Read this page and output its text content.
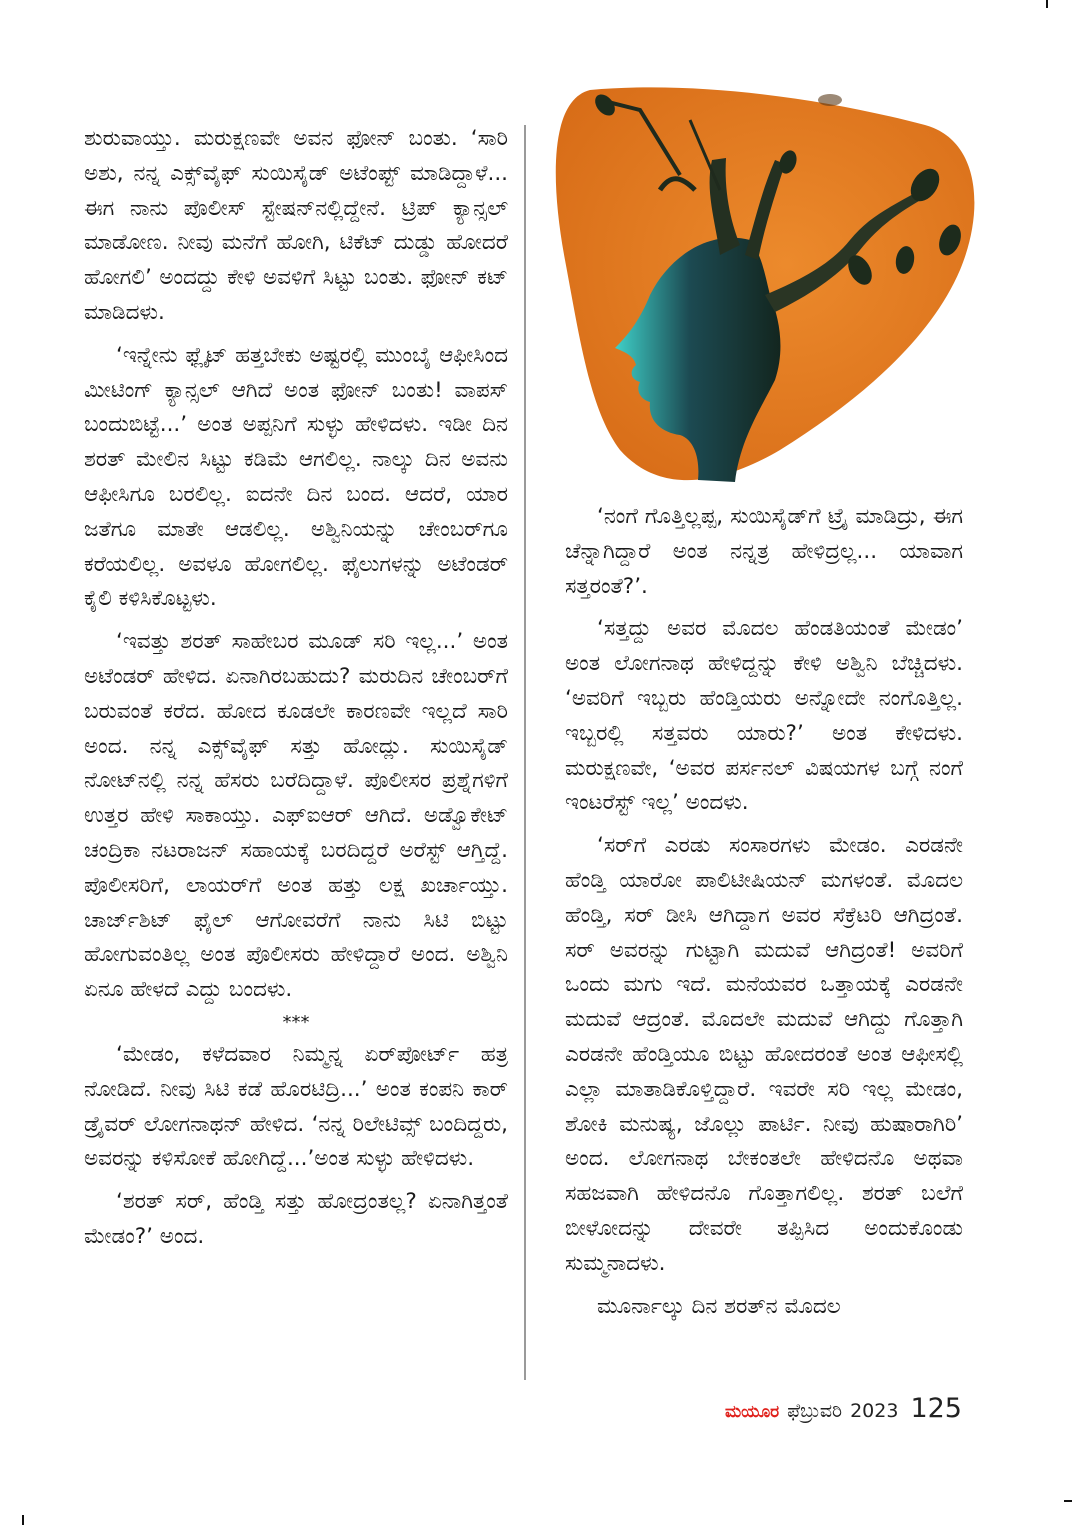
ಶುರುವಾಯ್ತು. ಮರುಕ್ಷಣವೇ ಅವನ ಫೋನ್ ಬಂತು. ‘ಸಾರಿ ಅಶು, ನನ್ನ ಎಕ್ಸ್‌ವೈಫ್ ಸುಯಿಸೈಡ್ ಅಟೆಂಪ್ಟ್ ಮಾಡಿದ್ದಾಳೆ... ಈಗ ನಾನು ಪೊಲೀಸ್ ಸ್ಟೇಷನ್‌ನಲ್ಲಿದ್ದೇನೆ. ಟ್ರಿಪ್ ಕ್ಯಾನ್ಸಲ್ ಮಾಡೋಣ. ನೀವು ಮನೆಗೆ ಹೋಗಿ, ಟಿಕೆಟ್ ದುಡ್ಡು ಹೋದರೆ ಹೋಗಲಿ’ ಅಂದದ್ದು ಕೇಳಿ ಅವಳಿಗೆ ಸಿಟ್ಟು ಬಂತು. ಫೋನ್ ಕಟ್ ಮಾಡಿದಳು.

‘ಇನ್ನೇನು ಫ್ಲೈಟ್ ಹತ್ತಬೇಕು ಅಷ್ಟರಲ್ಲಿ ಮುಂಬೈ ಆಫೀಸಿಂದ ಮೀಟಿಂಗ್ ಕ್ಯಾನ್ಸಲ್ ಆಗಿದೆ ಅಂತ ಫೋನ್ ಬಂತು! ವಾಪಸ್ ಬಂದುಬಿಟ್ಟೆ...’ ಅಂತ ಅಪ್ಪನಿಗೆ ಸುಳ್ಳು ಹೇಳಿದಳು. ಇಡೀ ದಿನ ಶರತ್ ಮೇಲಿನ ಸಿಟ್ಟು ಕಡಿಮೆ ಆಗಲಿಲ್ಲ. ನಾಲ್ಕು ದಿನ ಅವನು ಆಫೀಸಿಗೂ ಬರಲಿಲ್ಲ. ಐದನೇ ದಿನ ಬಂದ. ಆದರೆ, ಯಾರ ಜತೆಗೂ ಮಾತೇ ಆಡಲಿಲ್ಲ. ಅಶ್ವಿನಿಯನ್ನು ಚೇಂಬರ್‌ಗೂ ಕರೆಯಲಿಲ್ಲ. ಅವಳೂ ಹೋಗಲಿಲ್ಲ. ಫೈಲುಗಳನ್ನು ಅಟೆಂಡರ್ ಕೈಲಿ ಕಳಿಸಿಕೊಟ್ಟಳು.

‘ಇವತ್ತು ಶರತ್ ಸಾಹೇಬರ ಮೂಡ್ ಸರಿ ಇಲ್ಲ...’ ಅಂತ ಅಟೆಂಡರ್ ಹೇಳಿದ. ಏನಾಗಿರಬಹುದು? ಮರುದಿನ ಚೇಂಬರ್‌ಗೆ ಬರುವಂತೆ ಕರೆದ. ಹೋದ ಕೂಡಲೇ ಕಾರಣವೇ ಇಲ್ಲದೆ ಸಾರಿ ಅಂದ. ನನ್ನ ಎಕ್ಸ್‌ವೈಫ್ ಸತ್ತು ಹೋದ್ಲು. ಸುಯಿಸೈಡ್ ನೋಟ್‌ನಲ್ಲಿ ನನ್ನ ಹೆಸರು ಬರೆದಿದ್ದಾಳೆ. ಪೊಲೀಸರ ಪ್ರಶ್ನೆಗಳಿಗೆ ಉತ್ತರ ಹೇಳಿ ಸಾಕಾಯ್ತು. ಎಫ್‌ಐಆರ್ ಆಗಿದೆ. ಅಡ್ವೊಕೇಟ್ ಚಂದ್ರಿಕಾ ನಟರಾಜನ್ ಸಹಾಯಕ್ಕೆ ಬರದಿದ್ದರೆ ಅರೆಸ್ಟ್ ಆಗ್ತಿದ್ದೆ. ಪೊಲೀಸರಿಗೆ, ಲಾಯರ್‌ಗೆ ಅಂತ ಹತ್ತು ಲಕ್ಷ ಖರ್ಚಾಯ್ತು. ಚಾರ್ಜ್‌ಶಿಟ್ ಫೈಲ್ ಆಗೋವರೆಗೆ ನಾನು ಸಿಟಿ ಬಿಟ್ಟು ಹೋಗುವಂತಿಲ್ಲ ಅಂತ ಪೊಲೀಸರು ಹೇಳಿದ್ದಾರೆ ಅಂದ. ಅಶ್ವಿನಿ ಏನೂ ಹೇಳದೆ ಎದ್ದು ಬಂದಳು.

***

‘ಮೇಡಂ, ಕಳೆದವಾರ ನಿಮ್ಮನ್ನ ಏರ್‌ಪೋರ್ಟ್ ಹತ್ರ ನೋಡಿದೆ. ನೀವು ಸಿಟಿ ಕಡೆ ಹೊರಟಿದ್ರಿ...’ ಅಂತ ಕಂಪನಿ ಕಾರ್ ಡ್ರೈವರ್ ಲೋಗನಾಥನ್ ಹೇಳಿದ. ‘ನನ್ನ ರಿಲೇಟಿವ್ಸ್ ಬಂದಿದ್ದರು, ಅವರನ್ನು ಕಳಿಸೋಕೆ ಹೋಗಿದ್ದೆ...’ಅಂತ ಸುಳ್ಳು ಹೇಳಿದಳು.

‘ಶರತ್ ಸರ್, ಹೆಂಡ್ತಿ ಸತ್ತು ಹೋದ್ರಂತಲ್ಲ? ಏನಾಗಿತ್ತಂತೆ ಮೇಡಂ?’ ಅಂದ.

‘ನಂಗೆ ಗೊತ್ತಿಲ್ಲಪ್ಪ, ಸುಯಿಸೈಡ್‌ಗೆ ಟ್ರೈ ಮಾಡಿದ್ರು, ಈಗ ಚೆನ್ನಾಗಿದ್ದಾರೆ ಅಂತ ನನ್ನತ್ರ ಹೇಳಿದ್ರಲ್ಲ... ಯಾವಾಗ ಸತ್ತರಂತೆ?’.

‘ಸತ್ತದ್ದು ಅವರ ಮೊದಲ ಹೆಂಡತಿಯಂತೆ ಮೇಡಂ’ ಅಂತ ಲೋಗನಾಥ ಹೇಳಿದ್ದನ್ನು ಕೇಳಿ ಅಶ್ವಿನಿ ಬೆಚ್ಚಿದಳು. ‘ಅವರಿಗೆ ಇಬ್ಬರು ಹೆಂಡ್ತಿಯರು ಅನ್ನೋದೇ ನಂಗೊತ್ತಿಲ್ಲ. ಇಬ್ಬರಲ್ಲಿ ಸತ್ತವರು ಯಾರು?’ ಅಂತ ಕೇಳಿದಳು. ಮರುಕ್ಷಣವೇ, ‘ಅವರ ಪರ್ಸನಲ್ ವಿಷಯಗಳ ಬಗ್ಗೆ ನಂಗೆ ಇಂಟರೆಸ್ಟ್ ಇಲ್ಲ’ ಅಂದಳು.

‘ಸರ್‌ಗೆ ಎರಡು ಸಂಸಾರಗಳು ಮೇಡಂ. ಎರಡನೇ ಹೆಂಡ್ತಿ ಯಾರೋ ಪಾಲಿಟೀಷಿಯನ್ ಮಗಳಂತೆ. ಮೊದಲ ಹೆಂಡ್ತಿ, ಸರ್ ಡೀಸಿ ಆಗಿದ್ದಾಗ ಅವರ ಸೆಕ್ರೆಟರಿ ಆಗಿದ್ರಂತೆ. ಸರ್ ಅವರನ್ನು ಗುಟ್ಟಾಗಿ ಮದುವೆ ಆಗಿದ್ರಂತೆ! ಅವರಿಗೆ ಒಂದು ಮಗು ಇದೆ. ಮನೆಯವರ ಒತ್ತಾಯಕ್ಕೆ ಎರಡನೇ ಮದುವೆ ಆದ್ರಂತೆ. ಮೊದಲೇ ಮದುವೆ ಆಗಿದ್ದು ಗೊತ್ತಾಗಿ ಎರಡನೇ ಹೆಂಡ್ತಿಯೂ ಬಿಟ್ಟು ಹೋದರಂತೆ ಅಂತ ಆಫೀಸಲ್ಲಿ ಎಲ್ಲಾ ಮಾತಾಡಿಕೊಳ್ತಿದ್ದಾರೆ. ಇವರೇ ಸರಿ ಇಲ್ಲ ಮೇಡಂ, ಶೋಕಿ ಮನುಷ್ಯ, ಜೊಲ್ಲು ಪಾರ್ಟಿ. ನೀವು ಹುಷಾರಾಗಿರಿ’ ಅಂದ. ಲೋಗನಾಥ ಬೇಕಂತಲೇ ಹೇಳಿದನೊ ಅಥವಾ ಸಹಜವಾಗಿ ಹೇಳಿದನೊ ಗೊತ್ತಾಗಲಿಲ್ಲ. ಶರತ್ ಬಲೆಗೆ ಬೀಳೋದನ್ನು ದೇವರೇ ತಪ್ಪಿಸಿದ ಅಂದುಕೊಂಡು ಸುಮ್ಮನಾದಳು.

ಮೂರ್ನಾಲ್ಕು ದಿನ ಶರತ್‌ನ ಮೊದಲ

ಮಯೂರ ಫೆಬ್ರುವರಿ 2023 125
